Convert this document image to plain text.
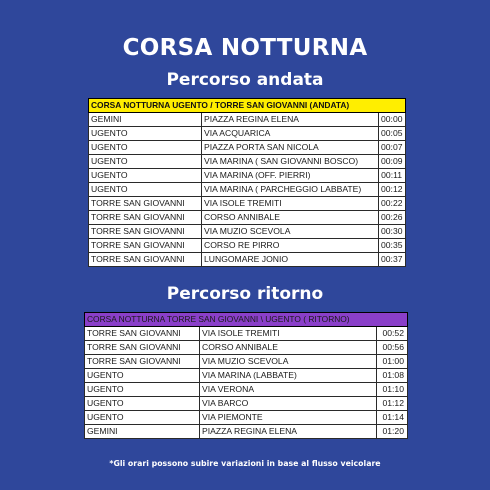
CORSA NOTTURNA
Percorso andata
CORSA NOTTURNA UGENTO / TORRE SAN GIOVANNI (ANDATA)		
GEMINI	PIAZZA REGINA ELENA	00:00
UGENTO	VIA ACQUARICA	00:05
UGENTO	PIAZZA PORTA SAN NICOLA	00:07
UGENTO	VIA MARINA ( SAN GIOVANNI BOSCO)	00:09
UGENTO	VIA MARINA (OFF. PIERRI)	00:11
UGENTO	VIA MARINA ( PARCHEGGIO LABBATE)	00:12
TORRE SAN GIOVANNI	VIA ISOLE TREMITI	00:22
TORRE SAN GIOVANNI	CORSO ANNIBALE	00:26
TORRE SAN GIOVANNI	VIA MUZIO SCEVOLA	00:30
TORRE SAN GIOVANNI	CORSO RE PIRRO	00:35
TORRE SAN GIOVANNI	LUNGOMARE JONIO	00:37
Percorso ritorno
CORSA NOTTURNA TORRE SAN GIOVANNI \ UGENTO ( RITORNO)		
TORRE SAN GIOVANNI	VIA ISOLE TREMITI	00:52
TORRE SAN GIOVANNI	CORSO ANNIBALE	00:56
TORRE SAN GIOVANNI	VIA MUZIO SCEVOLA	01:00
UGENTO	VIA MARINA (LABBATE)	01:08
UGENTO	VIA VERONA	01:10
UGENTO	VIA BARCO	01:12
UGENTO	VIA PIEMONTE	01:14
GEMINI	PIAZZA REGINA ELENA	01:20
*Gli orari possono subire variazioni in base al flusso veicolare
